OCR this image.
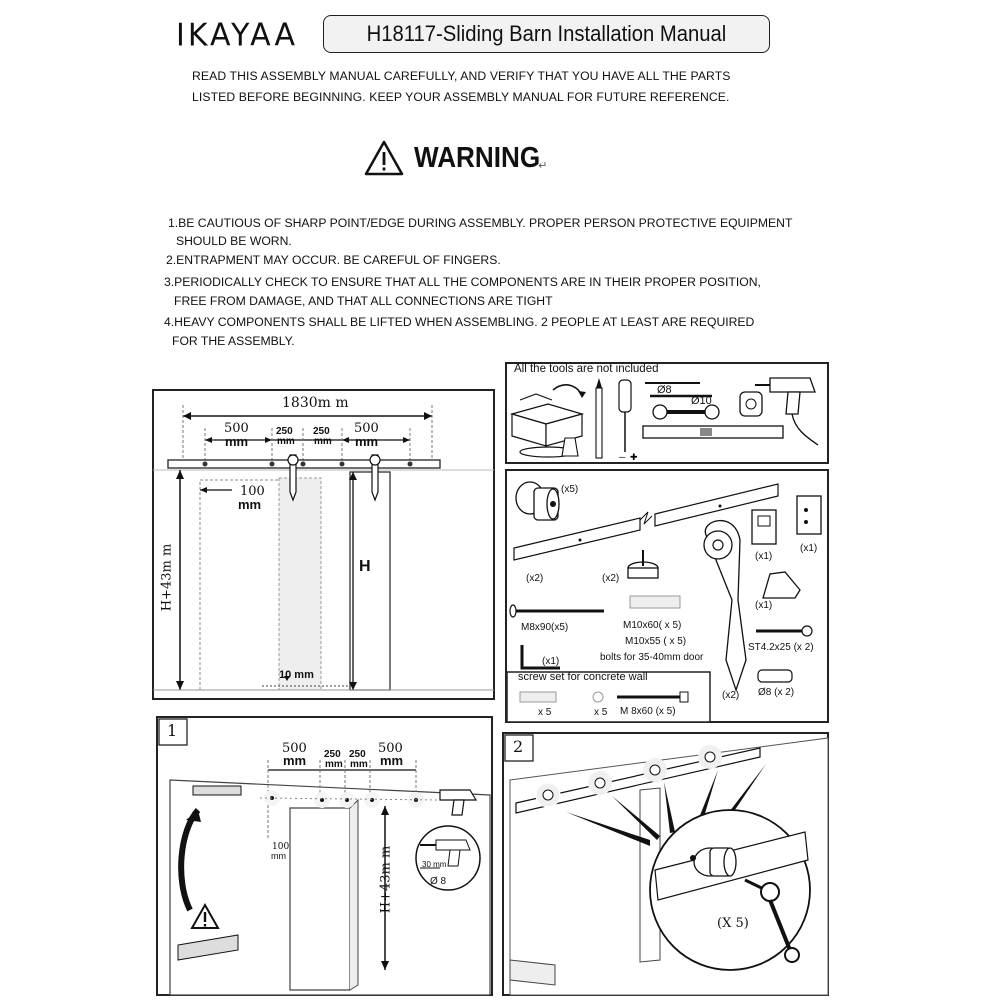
IKAYAA	H18117-Sliding Barn Installation Manual
READ THIS ASSEMBLY MANUAL CAREFULLY, AND VERIFY THAT YOU HAVE ALL THE PARTS
LISTED BEFORE BEGINNING. KEEP YOUR ASSEMBLY MANUAL FOR FUTURE REFERENCE.
WARNING
↵
1.BE CAUTIOUS OF SHARP POINT/EDGE DURING ASSEMBLY. PROPER PERSON PROTECTIVE EQUIPMENT
SHOULD BE WORN.
2.ENTRAPMENT MAY OCCUR. BE CAREFUL OF FINGERS.
3.PERIODICALLY CHECK TO ENSURE THAT ALL THE COMPONENTS ARE IN THEIR PROPER POSITION,
FREE FROM DAMAGE, AND THAT ALL CONNECTIONS ARE TIGHT
4.HEAVY COMPONENTS SHALL BE LIFTED WHEN ASSEMBLING. 2 PEOPLE AT LEAST ARE REQUIRED
FOR THE ASSEMBLY.
1830m m
500
mm
250
mm
250
mm
500
mm
100
mm
H+43m m	H
10 mm
─ ✚
All the tools are not included
Ø8
Ø10
(x5)
(x2)	(x2)
(x1)
(x1)
(x1)
M8x90(x5)	M10x60( x 5)
M10x55 ( x 5)
bolts for 35-40mm door
ST4.2x25 (x 2)
(x1)
Ø8 (x 2)
(x2)
screw set for concrete wall
x 5	x 5 M 8x60 (x 5)
1
500
mm 250
mm
250
mm
500
mm
100
mm	H+43m m	30 mm
Ø 8
2
(X 5)
